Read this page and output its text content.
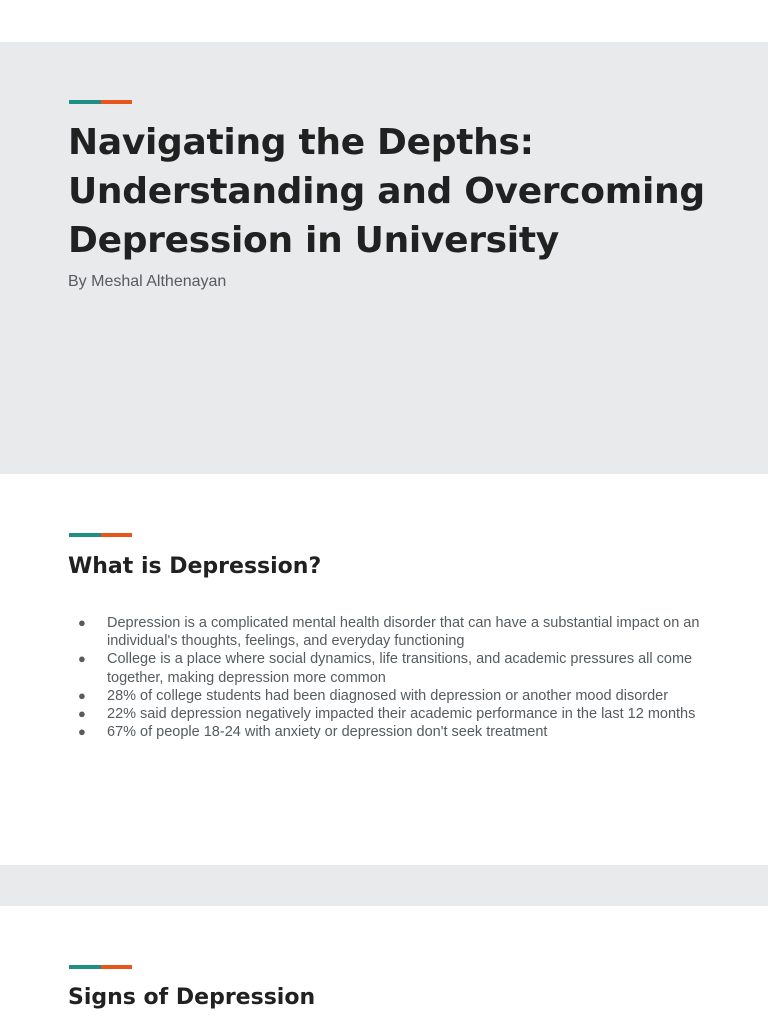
Navigating the Depths: Understanding and Overcoming Depression in University

By Meshal Althenayan

What is Depression?
● Depression is a complicated mental health disorder that can have a substantial impact on an individual's thoughts, feelings, and everyday functioning
● College is a place where social dynamics, life transitions, and academic pressures all come together, making depression more common
● 28% of college students had been diagnosed with depression or another mood disorder
● 22% said depression negatively impacted their academic performance in the last 12 months
● 67% of people 18-24 with anxiety or depression don't seek treatment
Signs of Depression
